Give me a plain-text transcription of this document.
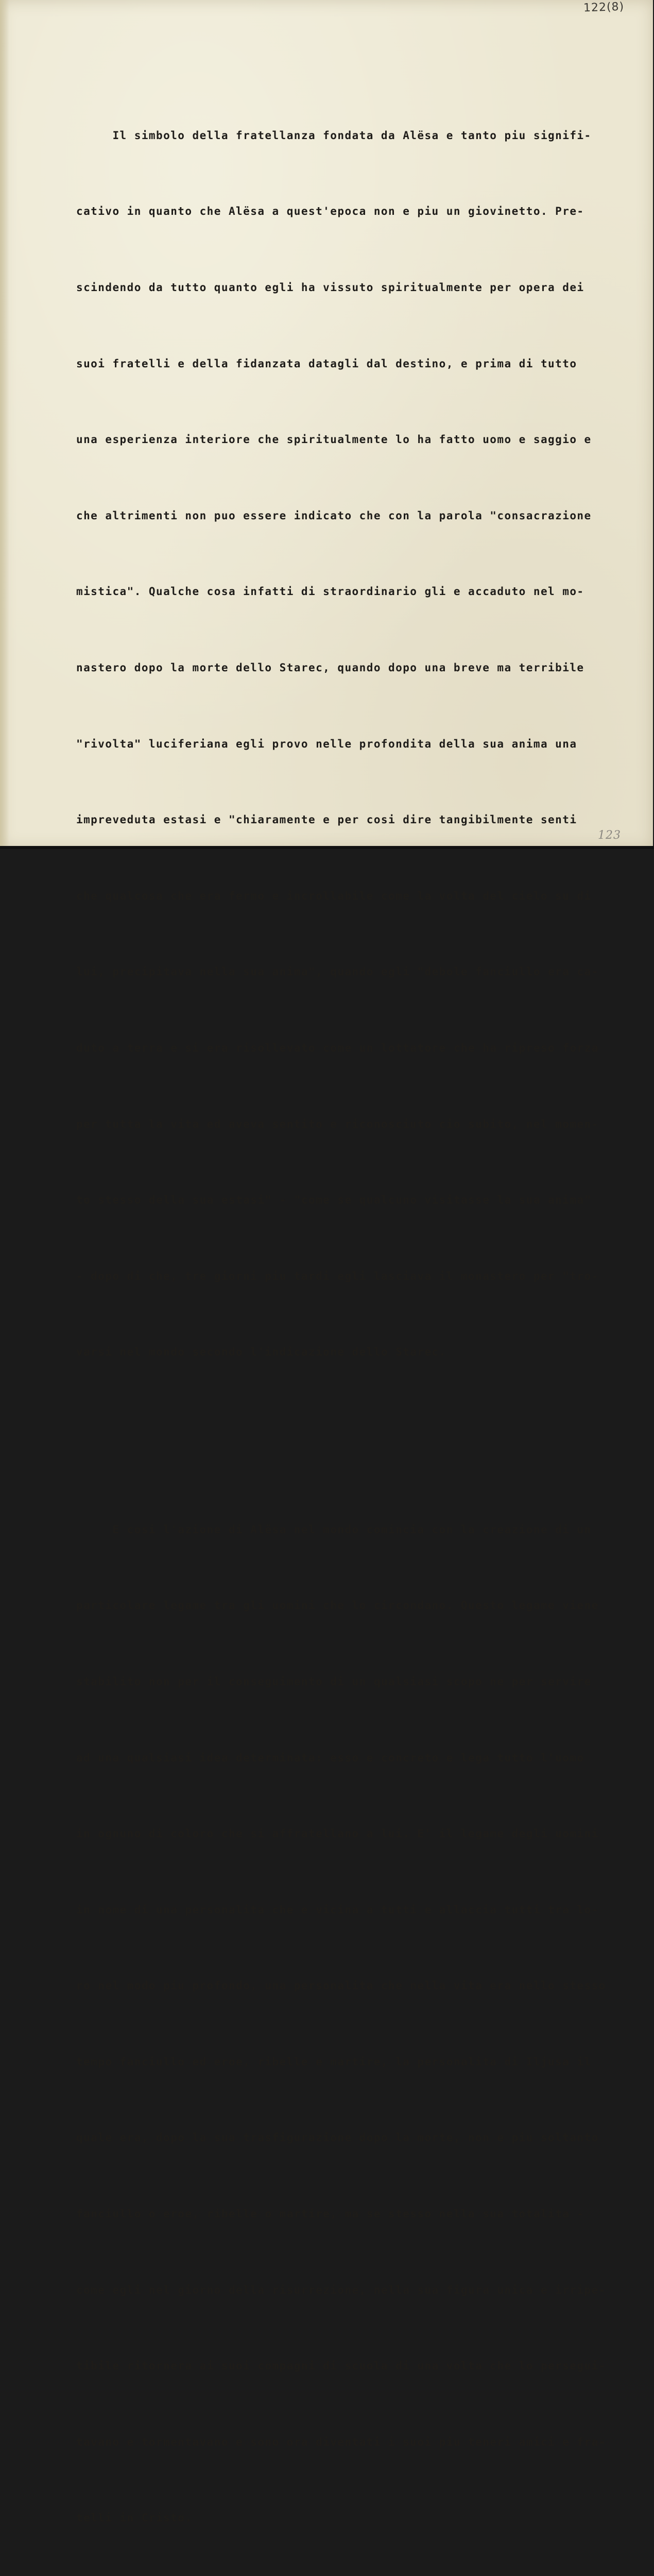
122(8)

Il simbolo della fratellanza fondata da Alësa e tanto piu signifi-

cativo in quanto che Alësa a quest'epoca non e piu un giovinetto. Pre-

scindendo da tutto quanto egli ha vissuto spiritualmente per opera dei

suoi fratelli e della fidanzata datagli dal destino, e prima di tutto

una esperienza interiore che spiritualmente lo ha fatto uomo e saggio e

che altrimenti non puo essere indicato che con la parola "consacrazione

mistica". Qualche cosa infatti di straordinario gli e accaduto nel mo-

nastero dopo la morte dello Starec, quando dopo una breve ma terribile

"rivolta" luciferiana egli provo nelle profondita della sua anima una

impreveduta estasi e "chiaramente e per cosi dire tangibilmente senti

che qualcosa che era fermo e incrollabile come la volta del cielo su di

lui, precipitava nella sua anima", quando egli "debole fanciullo era ca-

duto a terra e si era risollevato come un lottatore che ha ripreso forza

per tutta la vita ed aveva sentito e riconosciuto cio subito, nel momen-

to stesso della sua estasi" - "come se qualcuno visitasse la sua anima"

- dopo di che, tre giorni piu tardi egli lasciava il monastero per "tro-

varsi nel mondo secondo l'indicazione dello Starec.

E cosi l'azione di Alësa nel mondo comincia con la creazione di un

particolare legame tra gli uomini che lo circondano. Questo legame viene

stabilito non per il conseguimento di un qualsiasi scopo ne per servire

ad una qualsiasi idea determinata: esso e concreto e lega tutto l'uomo

in ognuno di coloro che si affratellano a lui. E' il legame degli uomini

in nome di una personalita che e vicina a tutti e allaccia tutti tra lo-

ro nel modo piu profondo, una personalita che nella vita era nello stesso

tempo fanciullo ed eroe, ribelle e martire, la personalita di Iljusa il

quale era, dopo la sua trasfigurazione dopo la morte, non e piu soltanto

fanciullo o eroe, ribelle o martire, ma se stesso nella sua totalita -

come egli nel giorno della risurrezione, nella sua figura unica e irripe-

tibile ritornera ai suoi compagni di scuola di una volta che lo persegui-

tavano e tormentavano e sono ora diventati i suoi piu teneri amici e fra-

telli in Cristo.

123
